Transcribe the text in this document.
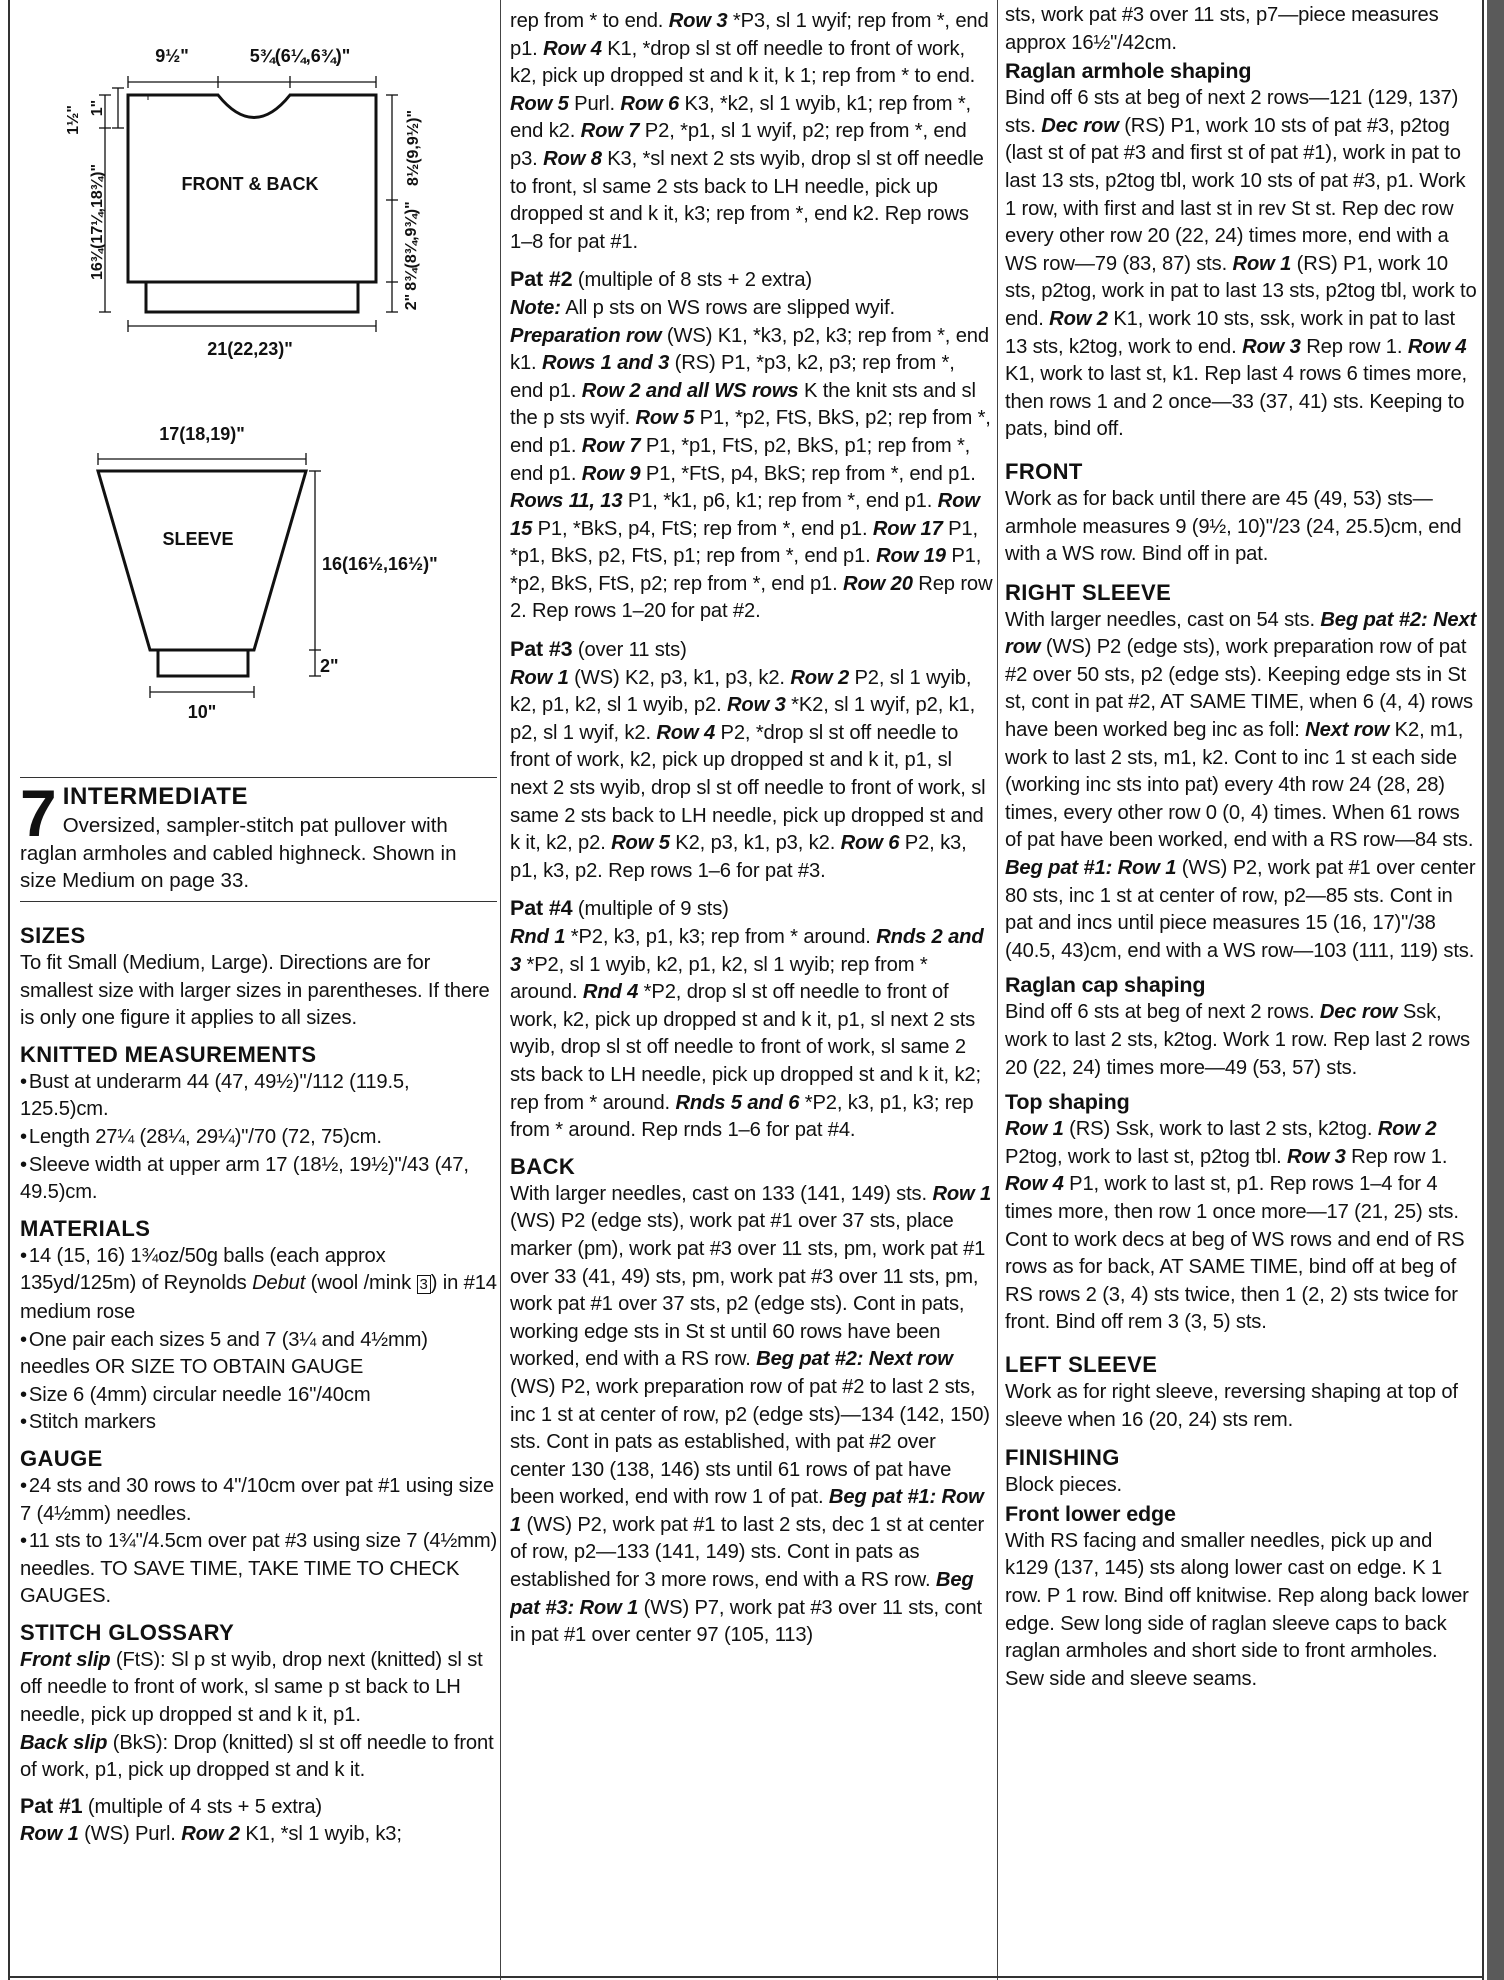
9½"	5¾(6¼,6¾)"
1½" 1"
16¾(17¼,18¾)"	FRONT & BACK	8½(9,9½)"
8¾(8¾,9¾)"
2"
21(22,23)"
17(18,19)"
SLEEVE
16(16½,16½)"
2"
10"
7 INTERMEDIATE
Oversized, sampler-stitch pat pullover with raglan armholes and cabled highneck. Shown in size Medium on page 33.
SIZES

To fit Small (Medium, Large). Directions are for smallest size with larger sizes in parentheses. If there is only one figure it applies to all sizes.

KNITTED MEASUREMENTS

• Bust at underarm 44 (47, 49½)"/112 (119.5, 125.5)cm.

• Length 27¼ (28¼, 29¼)"/70 (72, 75)cm.

• Sleeve width at upper arm 17 (18½, 19½)"/43 (47, 49.5)cm.

MATERIALS

• 14 (15, 16) 1¾oz/50g balls (each approx 135yd/125m) of Reynolds Debut (wool /mink 3 ) in #14 medium rose

• One pair each sizes 5 and 7 (3¼ and 4½mm) needles OR SIZE TO OBTAIN GAUGE

• Size 6 (4mm) circular needle 16"/40cm

• Stitch markers

GAUGE

• 24 sts and 30 rows to 4"/10cm over pat #1 using size 7 (4½mm) needles.

• 11 sts to 1¾"/4.5cm over pat #3 using size 7 (4½mm) needles. TO SAVE TIME, TAKE TIME TO CHECK GAUGES.

STITCH GLOSSARY

Front slip (FtS): Sl p st wyib, drop next (knitted) sl st off needle to front of work, sl same p st back to LH needle, pick up dropped st and k it, p1.

Back slip (BkS): Drop (knitted) sl st off needle to front of work, p1, pick up dropped st and k it.

Pat #1 (multiple of 4 sts + 5 extra)

Row 1 (WS) Purl. Row 2 K1, *sl 1 wyib, k3;

rep from * to end. Row 3 *P3, sl 1 wyif; rep from *, end p1. Row 4 K1, *drop sl st off needle to front of work, k2, pick up dropped st and k it, k 1; rep from * to end. Row 5 Purl. Row 6 K3, *k2, sl 1 wyib, k1; rep from *, end k2. Row 7 P2, *p1, sl 1 wyif, p2; rep from *, end p3. Row 8 K3, *sl next 2 sts wyib, drop sl st off needle to front, sl same 2 sts back to LH needle, pick up dropped st and k it, k3; rep from *, end k2. Rep rows 1–8 for pat #1.

Pat #2 (multiple of 8 sts + 2 extra)

Note: All p sts on WS rows are slipped wyif. Preparation row (WS) K1, *k3, p2, k3; rep from *, end k1. Rows 1 and 3 (RS) P1, *p3, k2, p3; rep from *, end p1. Row 2 and all WS rows K the knit sts and sl the p sts wyif. Row 5 P1, *p2, FtS, BkS, p2; rep from *, end p1. Row 7 P1, *p1, FtS, p2, BkS, p1; rep from *, end p1. Row 9 P1, *FtS, p4, BkS; rep from *, end p1. Rows 11, 13 P1, *k1, p6, k1; rep from *, end p1. Row 15 P1, *BkS, p4, FtS; rep from *, end p1. Row 17 P1, *p1, BkS, p2, FtS, p1; rep from *, end p1. Row 19 P1, *p2, BkS, FtS, p2; rep from *, end p1. Row 20 Rep row 2. Rep rows 1–20 for pat #2.

Pat #3 (over 11 sts)

Row 1 (WS) K2, p3, k1, p3, k2. Row 2 P2, sl 1 wyib, k2, p1, k2, sl 1 wyib, p2. Row 3 *K2, sl 1 wyif, p2, k1, p2, sl 1 wyif, k2. Row 4 P2, *drop sl st off needle to front of work, k2, pick up dropped st and k it, p1, sl next 2 sts wyib, drop sl st off needle to front of work, sl same 2 sts back to LH needle, pick up dropped st and k it, k2, p2. Row 5 K2, p3, k1, p3, k2. Row 6 P2, k3, p1, k3, p2. Rep rows 1–6 for pat #3.

Pat #4 (multiple of 9 sts)

Rnd 1 *P2, k3, p1, k3; rep from * around. Rnds 2 and 3 *P2, sl 1 wyib, k2, p1, k2, sl 1 wyib; rep from * around. Rnd 4 *P2, drop sl st off needle to front of work, k2, pick up dropped st and k it, p1, sl next 2 sts wyib, drop sl st off needle to front of work, sl same 2 sts back to LH needle, pick up dropped st and k it, k2; rep from * around. Rnds 5 and 6 *P2, k3, p1, k3; rep from * around. Rep rnds 1–6 for pat #4.

BACK

With larger needles, cast on 133 (141, 149) sts. Row 1 (WS) P2 (edge sts), work pat #1 over 37 sts, place marker (pm), work pat #3 over 11 sts, pm, work pat #1 over 33 (41, 49) sts, pm, work pat #3 over 11 sts, pm, work pat #1 over 37 sts, p2 (edge sts). Cont in pats, working edge sts in St st until 60 rows have been worked, end with a RS row. Beg pat #2: Next row (WS) P2, work preparation row of pat #2 to last 2 sts, inc 1 st at center of row, p2 (edge sts)—134 (142, 150) sts. Cont in pats as established, with pat #2 over center 130 (138, 146) sts until 61 rows of pat have been worked, end with row 1 of pat. Beg pat #1: Row 1 (WS) P2, work pat #1 to last 2 sts, dec 1 st at center of row, p2—133 (141, 149) sts. Cont in pats as established for 3 more rows, end with a RS row. Beg pat #3: Row 1 (WS) P7, work pat #3 over 11 sts, cont in pat #1 over center 97 (105, 113)

sts, work pat #3 over 11 sts, p7—piece measures approx 16½"/42cm.

Raglan armhole shaping

Bind off 6 sts at beg of next 2 rows—121 (129, 137) sts. Dec row (RS) P1, work 10 sts of pat #3, p2tog (last st of pat #3 and first st of pat #1), work in pat to last 13 sts, p2tog tbl, work 10 sts of pat #3, p1. Work 1 row, with first and last st in rev St st. Rep dec row every other row 20 (22, 24) times more, end with a WS row—79 (83, 87) sts. Row 1 (RS) P1, work 10 sts, p2tog, work in pat to last 13 sts, p2tog tbl, work to end. Row 2 K1, work 10 sts, ssk, work in pat to last 13 sts, k2tog, work to end. Row 3 Rep row 1. Row 4 K1, work to last st, k1. Rep last 4 rows 6 times more, then rows 1 and 2 once—33 (37, 41) sts. Keeping to pats, bind off.

FRONT

Work as for back until there are 45 (49, 53) sts—armhole measures 9 (9½, 10)"/23 (24, 25.5)cm, end with a WS row. Bind off in pat.

RIGHT SLEEVE

With larger needles, cast on 54 sts. Beg pat #2: Next row (WS) P2 (edge sts), work preparation row of pat #2 over 50 sts, p2 (edge sts). Keeping edge sts in St st, cont in pat #2, AT SAME TIME, when 6 (4, 4) rows have been worked beg inc as foll: Next row K2, m1, work to last 2 sts, m1, k2. Cont to inc 1 st each side (working inc sts into pat) every 4th row 24 (28, 28) times, every other row 0 (0, 4) times. When 61 rows of pat have been worked, end with a RS row—84 sts. Beg pat #1: Row 1 (WS) P2, work pat #1 over center 80 sts, inc 1 st at center of row, p2—85 sts. Cont in pat and incs until piece measures 15 (16, 17)"/38 (40.5, 43)cm, end with a WS row—103 (111, 119) sts.

Raglan cap shaping

Bind off 6 sts at beg of next 2 rows. Dec row Ssk, work to last 2 sts, k2tog. Work 1 row. Rep last 2 rows 20 (22, 24) times more—49 (53, 57) sts.

Top shaping

Row 1 (RS) Ssk, work to last 2 sts, k2tog. Row 2 P2tog, work to last st, p2tog tbl. Row 3 Rep row 1. Row 4 P1, work to last st, p1. Rep rows 1–4 for 4 times more, then row 1 once more—17 (21, 25) sts. Cont to work decs at beg of WS rows and end of RS rows as for back, AT SAME TIME, bind off at beg of RS rows 2 (3, 4) sts twice, then 1 (2, 2) sts twice for front. Bind off rem 3 (3, 5) sts.

LEFT SLEEVE

Work as for right sleeve, reversing shaping at top of sleeve when 16 (20, 24) sts rem.

FINISHING

Block pieces.

Front lower edge

With RS facing and smaller needles, pick up and k129 (137, 145) sts along lower cast on edge. K 1 row. P 1 row. Bind off knitwise. Rep along back lower edge. Sew long side of raglan sleeve caps to back raglan armholes and short side to front armholes. Sew side and sleeve seams.
